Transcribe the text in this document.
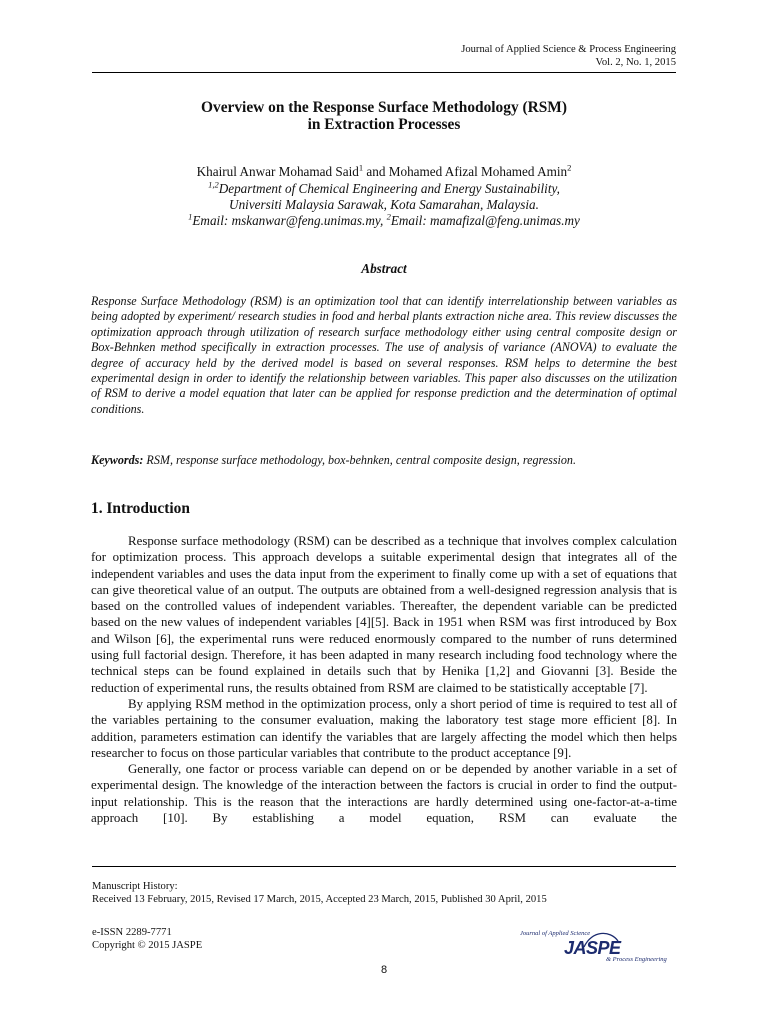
Journal of Applied Science & Process Engineering
Vol. 2, No. 1, 2015
Overview on the Response Surface Methodology (RSM)
in Extraction Processes
Khairul Anwar Mohamad Said$^1$ and Mohamed Afizal Mohamed Amin$^2$
$^{1,2}$Department of Chemical Engineering and Energy Sustainability,
Universiti Malaysia Sarawak, Kota Samarahan, Malaysia.
$^1$Email: mskanwar@feng.unimas.my, $^2$Email: mamafizal@feng.unimas.my
Abstract
Response Surface Methodology (RSM) is an optimization tool that can identify interrelationship between variables as being adopted by experiment/ research studies in food and herbal plants extraction niche area. This review discusses the optimization approach through utilization of research surface methodology either using central composite design or Box-Behnken method specifically in extraction processes. The use of analysis of variance (ANOVA) to evaluate the degree of accuracy held by the derived model is based on several responses. RSM helps to determine the best experimental design in order to identify the relationship between variables. This paper also discusses on the utilization of RSM to derive a model equation that later can be applied for response prediction and the determination of optimal conditions.
Keywords: RSM, response surface methodology, box-behnken, central composite design, regression.
1. Introduction

Response surface methodology (RSM) can be described as a technique that involves complex calculation for optimization process. This approach develops a suitable experimental design that integrates all of the independent variables and uses the data input from the experiment to finally come up with a set of equations that can give theoretical value of an output. The outputs are obtained from a well-designed regression analysis that is based on the controlled values of independent variables. Thereafter, the dependent variable can be predicted based on the new values of independent variables [4][5]. Back in 1951 when RSM was first introduced by Box and Wilson [6], the experimental runs were reduced enormously compared to the number of runs determined using full factorial design. Therefore, it has been adapted in many research including food technology where the technical steps can be found explained in details such that by Henika [1,2] and Giovanni [3]. Beside the reduction of experimental runs, the results obtained from RSM are claimed to be statistically acceptable [7].

By applying RSM method in the optimization process, only a short period of time is required to test all of the variables pertaining to the consumer evaluation, making the laboratory test stage more efficient [8]. In addition, parameters estimation can identify the variables that are largely affecting the model which then helps researcher to focus on those particular variables that contribute to the product acceptance [9].

Generally, one factor or process variable can depend on or be depended by another variable in a set of experimental design. The knowledge of the interaction between the factors is crucial in order to find the output-input relationship. This is the reason that the interactions are hardly determined using one-factor-at-a-time approach [10]. By establishing a model equation, RSM can evaluate the

Manuscript History:
Received 13 February, 2015, Revised 17 March, 2015, Accepted 23 March, 2015, Published 30 April, 2015
e-ISSN 2289-7771
Copyright © 2015 JASPE
Journal of Applied Science
JASPE
& Process Engineering
8
